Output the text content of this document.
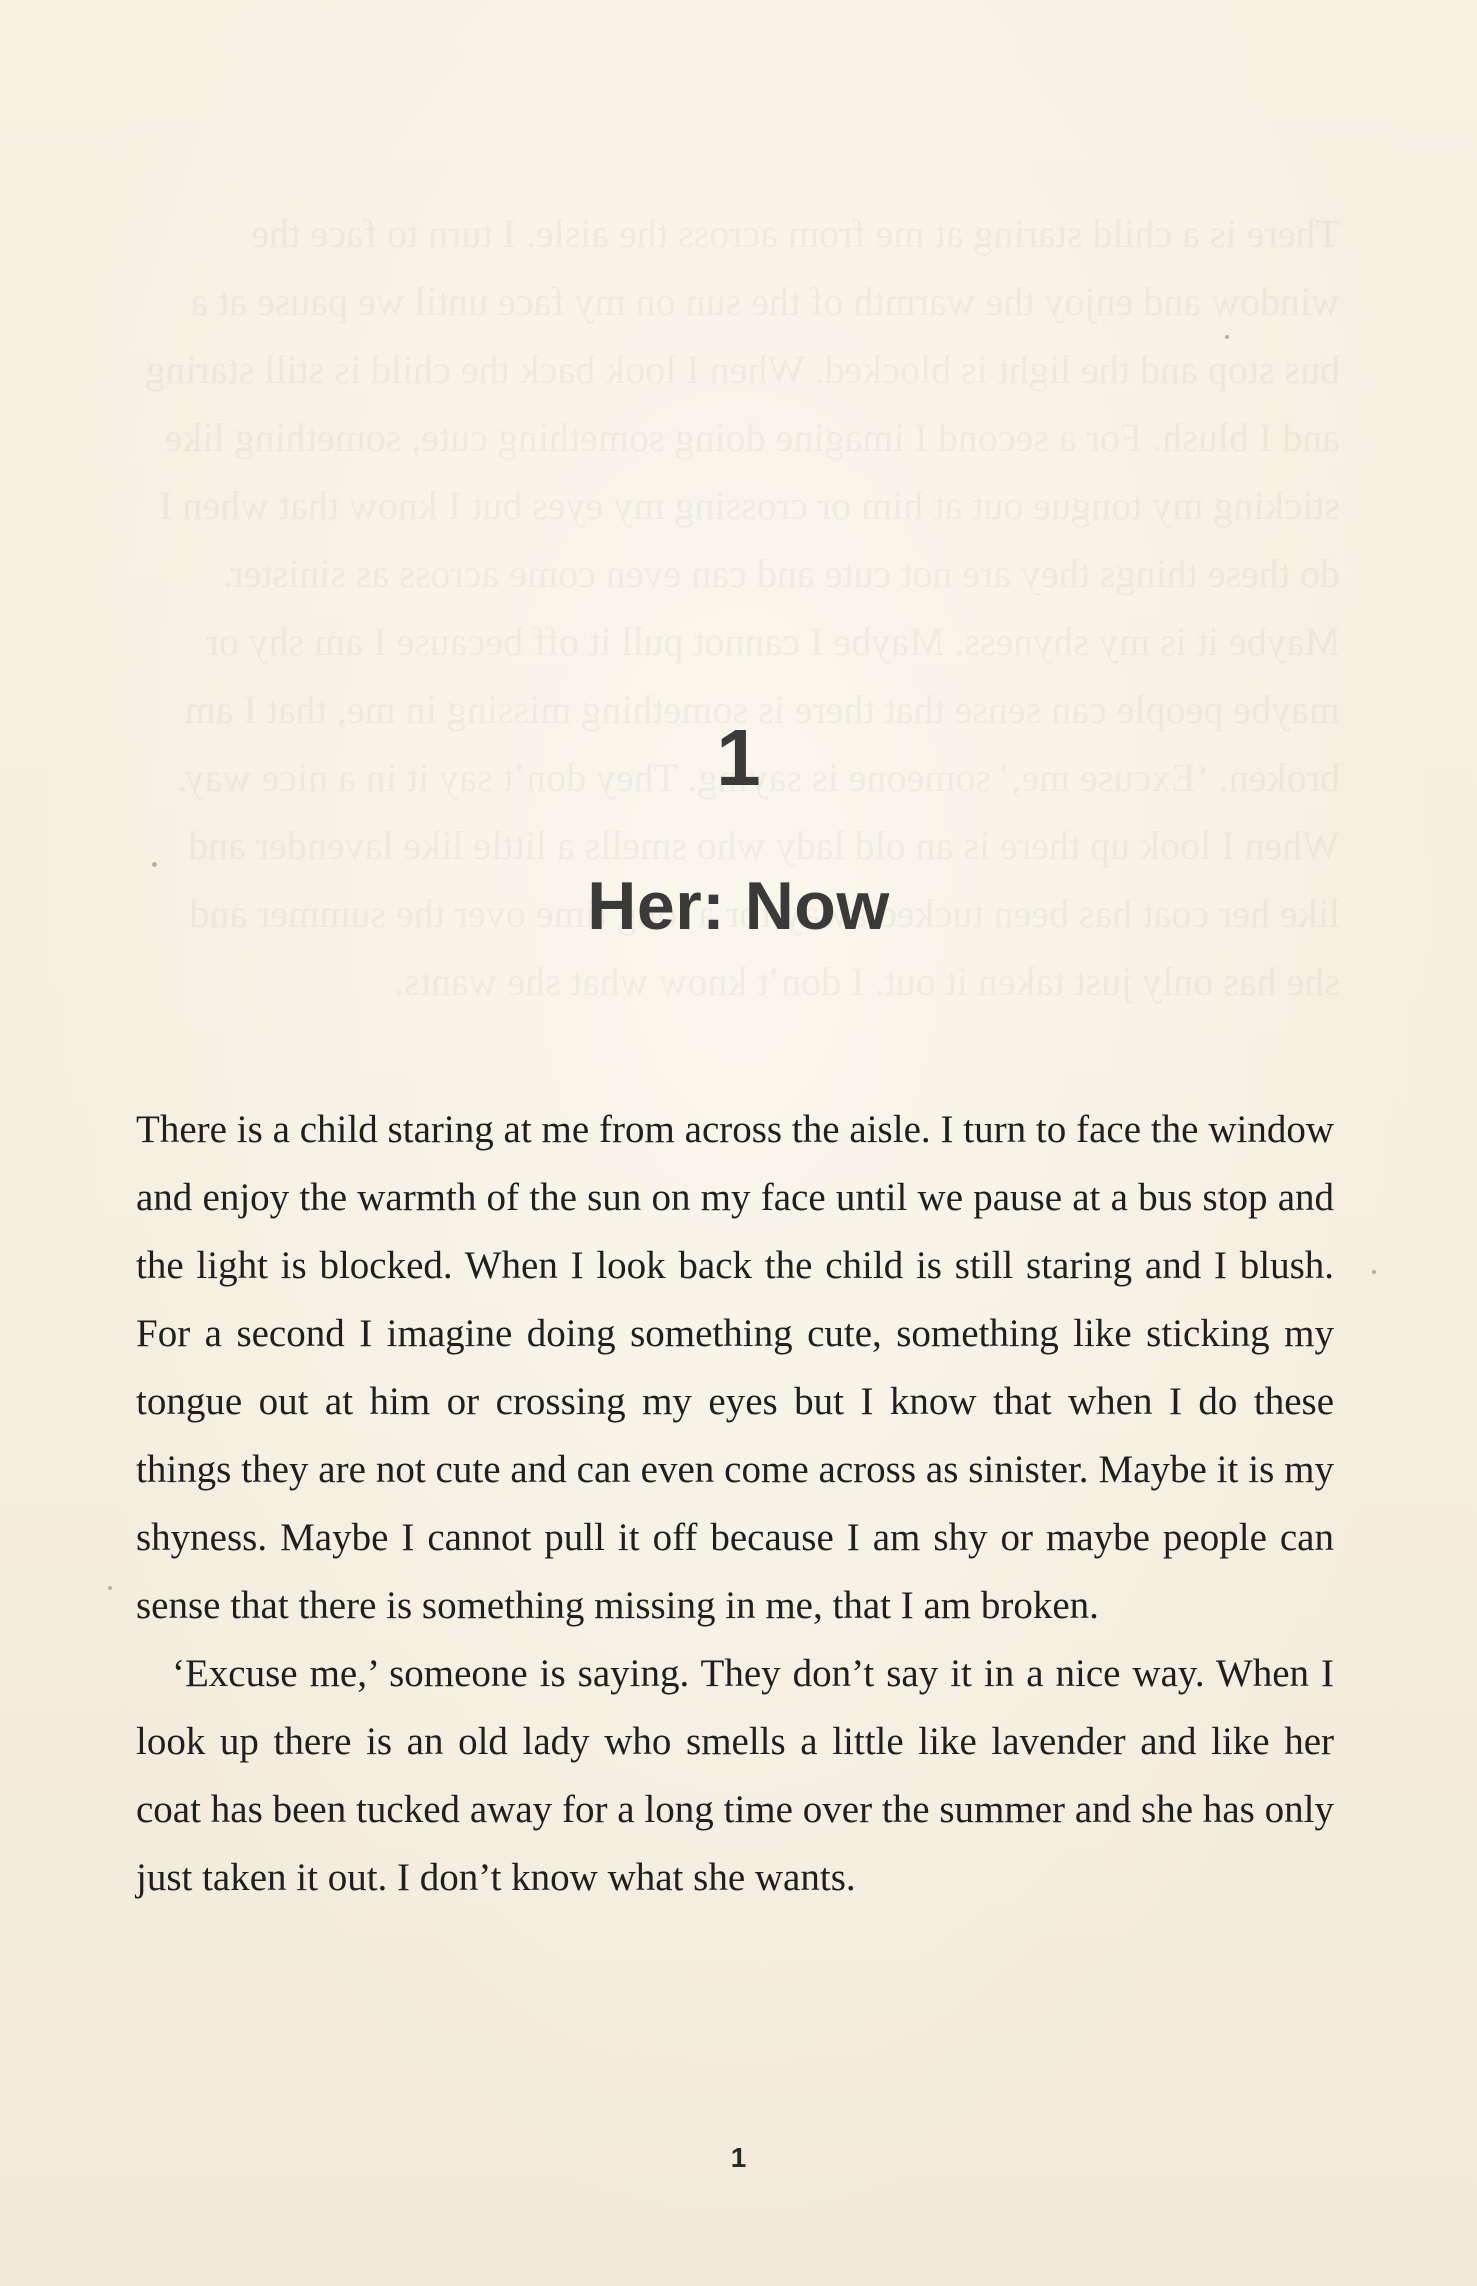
1
Her: Now

There is a child staring at me from across the aisle. I turn to face the window and enjoy the warmth of the sun on my face until we pause at a bus stop and the light is blocked. When I look back the child is still staring and I blush. For a second I imagine doing something cute, something like sticking my tongue out at him or crossing my eyes but I know that when I do these things they are not cute and can even come across as sinister. Maybe it is my shyness. Maybe I cannot pull it off because I am shy or maybe people can sense that there is something missing in me, that I am broken.

‘Excuse me,’ someone is saying. They don’t say it in a nice way. When I look up there is an old lady who smells a little like lavender and like her coat has been tucked away for a long time over the summer and she has only just taken it out. I don’t know what she wants.

1
